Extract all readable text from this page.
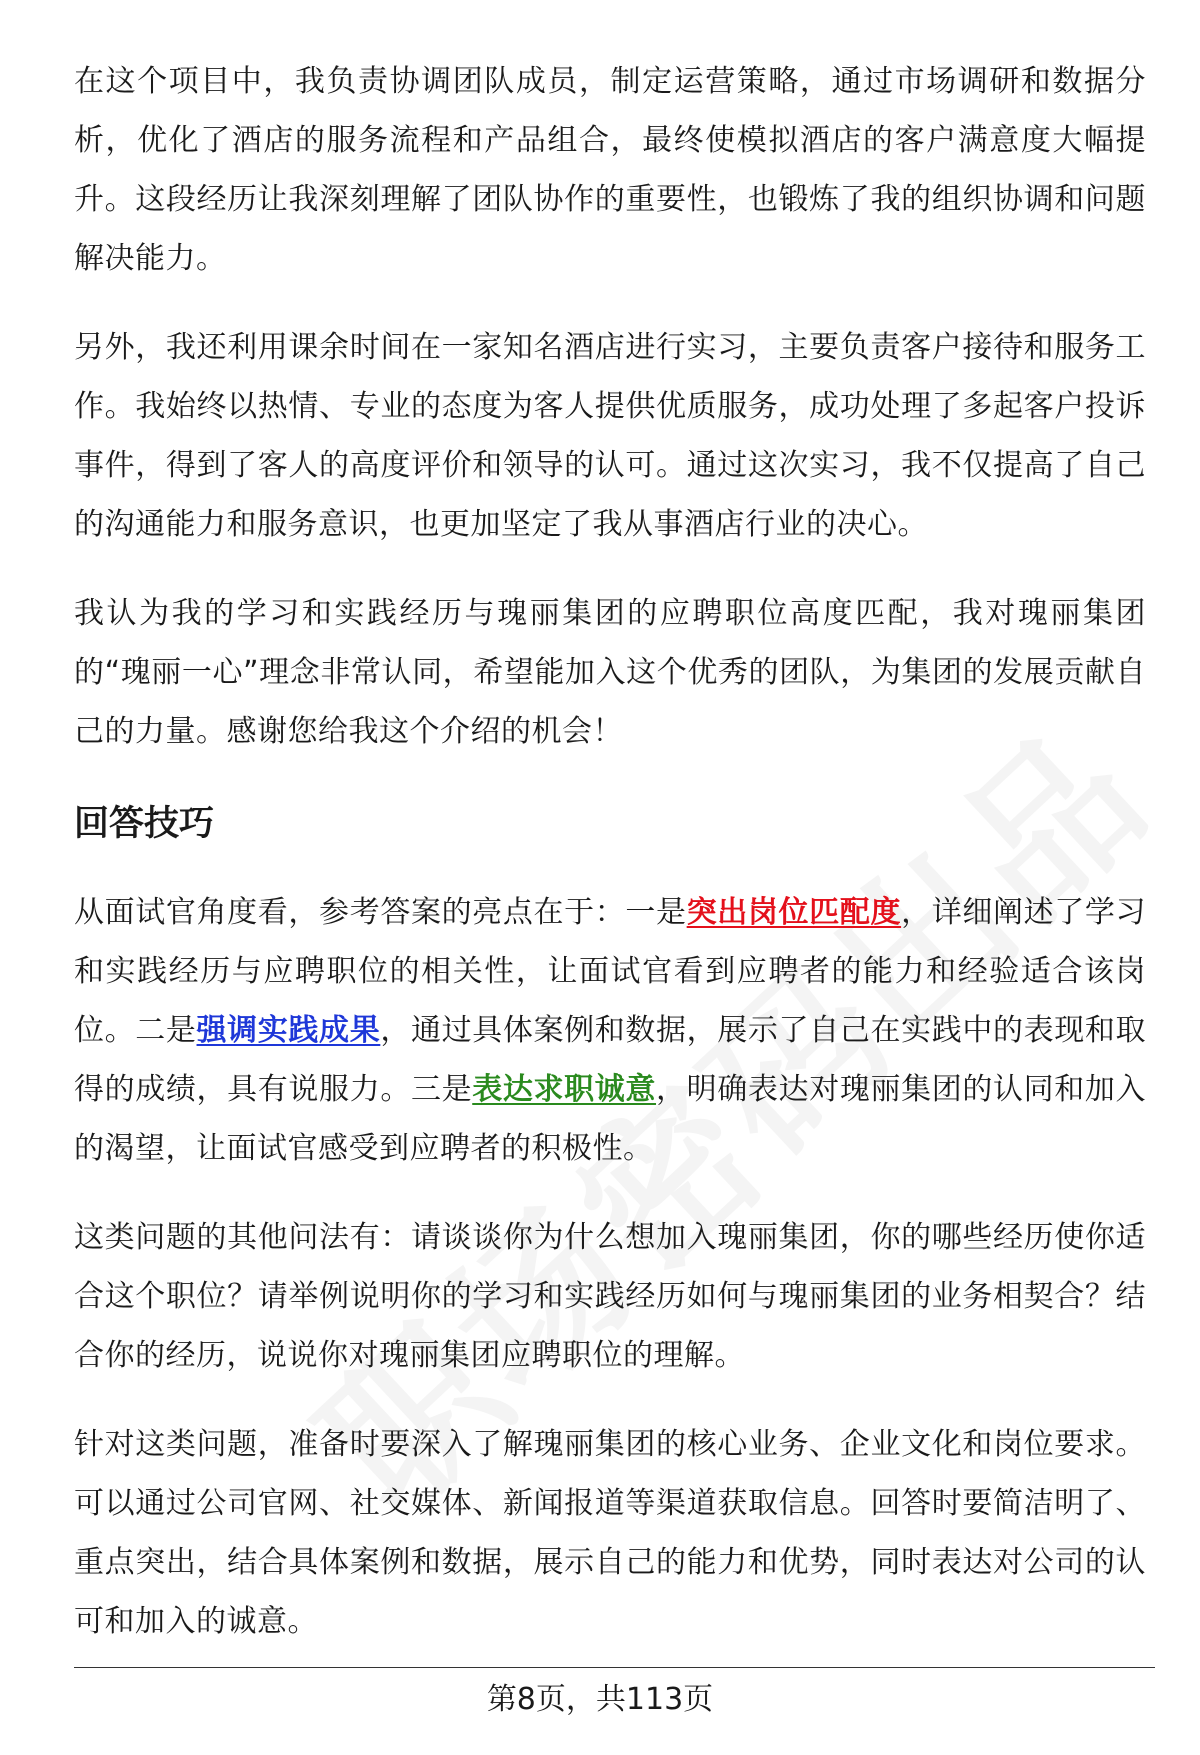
在这个项目中，我负责协调团队成员，制定运营策略，通过市场调研和数据分析，优化了酒店的服务流程和产品组合，最终使模拟酒店的客户满意度大幅提升。这段经历让我深刻理解了团队协作的重要性，也锻炼了我的组织协调和问题解决能力。

另外，我还利用课余时间在一家知名酒店进行实习，主要负责客户接待和服务工作。我始终以热情、专业的态度为客人提供优质服务，成功处理了多起客户投诉事件，得到了客人的高度评价和领导的认可。通过这次实习，我不仅提高了自己的沟通能力和服务意识，也更加坚定了我从事酒店行业的决心。

我认为我的学习和实践经历与瑰丽集团的应聘职位高度匹配，我对瑰丽集团的“瑰丽一心”理念非常认同，希望能加入这个优秀的团队，为集团的发展贡献自己的力量。感谢您给我这个介绍的机会！

回答技巧

从面试官角度看，参考答案的亮点在于：一是突出岗位匹配度，详细阐述了学习和实践经历与应聘职位的相关性，让面试官看到应聘者的能力和经验适合该岗位。二是强调实践成果，通过具体案例和数据，展示了自己在实践中的表现和取得的成绩，具有说服力。三是表达求职诚意，明确表达对瑰丽集团的认同和加入的渴望，让面试官感受到应聘者的积极性。

这类问题的其他问法有：请谈谈你为什么想加入瑰丽集团，你的哪些经历使你适合这个职位？请举例说明你的学习和实践经历如何与瑰丽集团的业务相契合？结合你的经历，说说你对瑰丽集团应聘职位的理解。

针对这类问题，准备时要深入了解瑰丽集团的核心业务、企业文化和岗位要求。可以通过公司官网、社交媒体、新闻报道等渠道获取信息。回答时要简洁明了、重点突出，结合具体案例和数据，展示自己的能力和优势，同时表达对公司的认可和加入的诚意。

第8页，共113页
